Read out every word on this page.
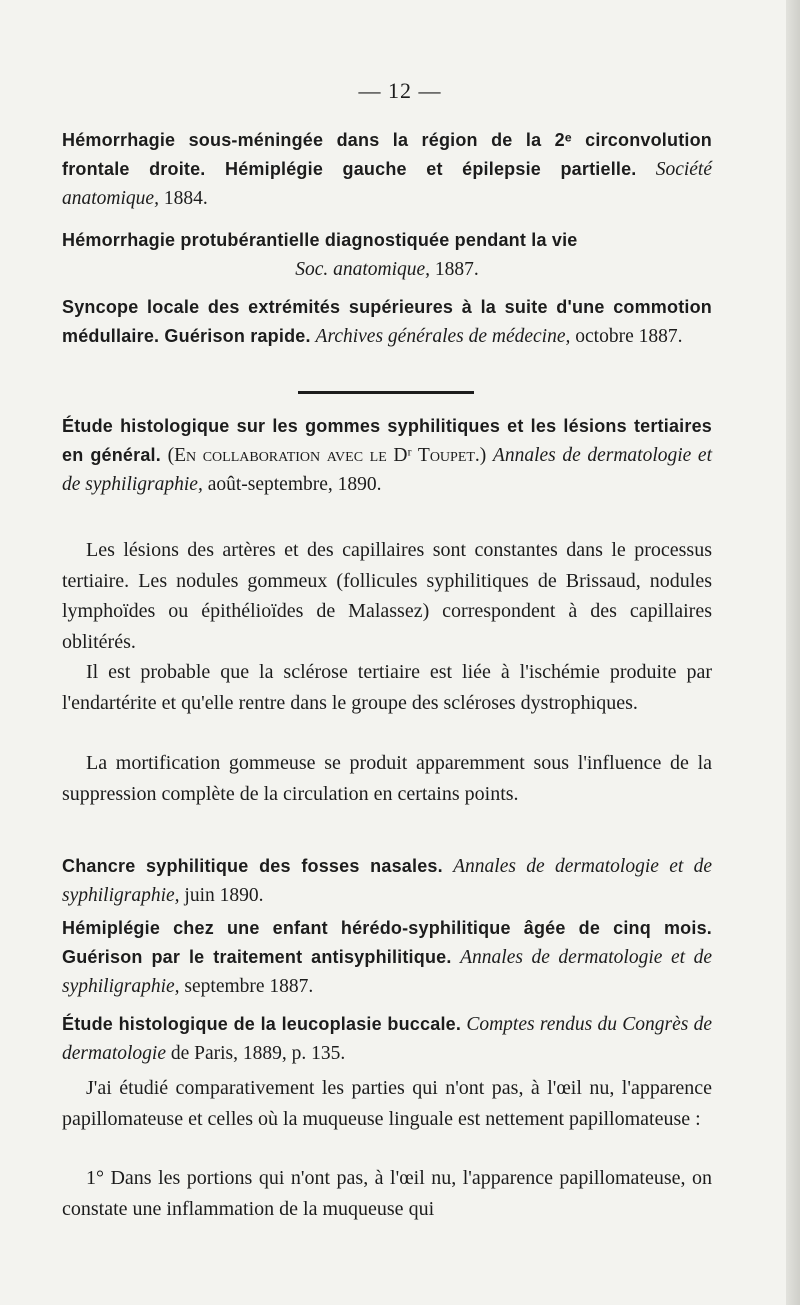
— 12 —
Hémorrhagie sous-méningée dans la région de la 2ᵉ circonvolution frontale droite. Hémiplégie gauche et épilepsie partielle. Société anatomique, 1884.
Hémorrhagie protubérantielle diagnostiquée pendant la vie
Soc. anatomique, 1887.
Syncope locale des extrémités supérieures à la suite d'une commotion médullaire. Guérison rapide. Archives générales de médecine, octobre 1887.
Étude histologique sur les gommes syphilitiques et les lésions tertiaires en général. (En collaboration avec le Dʳ Toupet.) Annales de dermatologie et de syphiligraphie, août-septembre, 1890.
Les lésions des artères et des capillaires sont constantes dans le processus tertiaire. Les nodules gommeux (follicules syphilitiques de Brissaud, nodules lymphoïdes ou épithélioïdes de Malassez) correspondent à des capillaires oblitérés.
Il est probable que la sclérose tertiaire est liée à l'ischémie produite par l'endartérite et qu'elle rentre dans le groupe des scléroses dystrophiques.
La mortification gommeuse se produit apparemment sous l'influence de la suppression complète de la circulation en certains points.
Chancre syphilitique des fosses nasales. Annales de dermatologie et de syphiligraphie, juin 1890.
Hémiplégie chez une enfant hérédo-syphilitique âgée de cinq mois. Guérison par le traitement antisyphilitique. Annales de dermatologie et de syphiligraphie, septembre 1887.
Étude histologique de la leucoplasie buccale. Comptes rendus du Congrès de dermatologie de Paris, 1889, p. 135.
J'ai étudié comparativement les parties qui n'ont pas, à l'œil nu, l'apparence papillomateuse et celles où la muqueuse linguale est nettement papillomateuse :
1° Dans les portions qui n'ont pas, à l'œil nu, l'apparence papillomateuse, on constate une inflammation de la muqueuse qui
